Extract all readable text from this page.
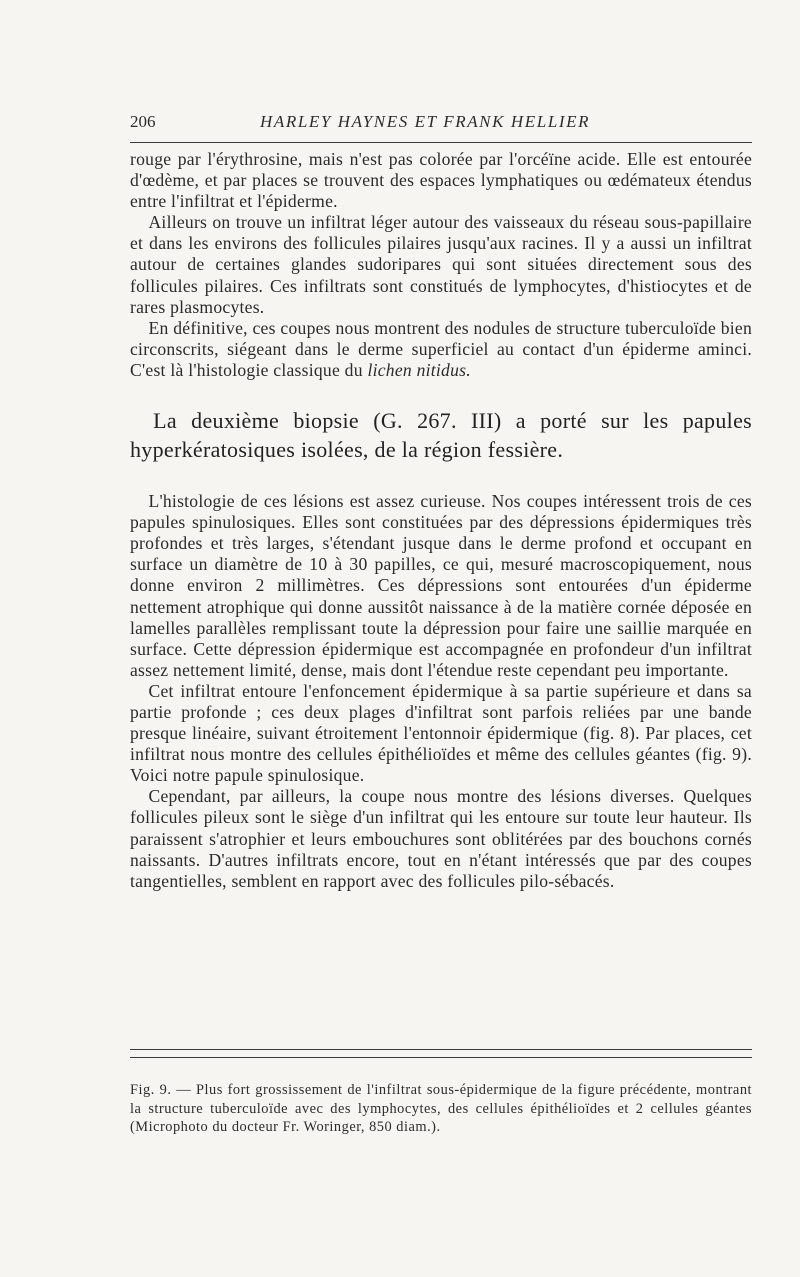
206	HARLEY HAYNES ET FRANK HELLIER

rouge par l'érythrosine, mais n'est pas colorée par l'orcéïne acide. Elle est entourée d'œdème, et par places se trouvent des espaces lymphatiques ou œdémateux étendus entre l'infiltrat et l'épiderme.

Ailleurs on trouve un infiltrat léger autour des vaisseaux du réseau sous-papillaire et dans les environs des follicules pilaires jusqu'aux racines. Il y a aussi un infiltrat autour de certaines glandes sudoripares qui sont situées directement sous des follicules pilaires. Ces infiltrats sont constitués de lymphocytes, d'histiocytes et de rares plasmocytes.

En définitive, ces coupes nous montrent des nodules de structure tuberculoïde bien circonscrits, siégeant dans le derme superficiel au contact d'un épiderme aminci. C'est là l'histologie classique du lichen nitidus.

La deuxième biopsie (G. 267. III) a porté sur les papules hyperkératosiques isolées, de la région fessière.

L'histologie de ces lésions est assez curieuse. Nos coupes intéressent trois de ces papules spinulosiques. Elles sont constituées par des dépressions épidermiques très profondes et très larges, s'étendant jusque dans le derme profond et occupant en surface un diamètre de 10 à 30 papilles, ce qui, mesuré macroscopiquement, nous donne environ 2 millimètres. Ces dépressions sont entourées d'un épiderme nettement atrophique qui donne aussitôt naissance à de la matière cornée déposée en lamelles parallèles remplissant toute la dépression pour faire une saillie marquée en surface. Cette dépression épidermique est accompagnée en profondeur d'un infiltrat assez nettement limité, dense, mais dont l'étendue reste cependant peu importante.

Cet infiltrat entoure l'enfoncement épidermique à sa partie supérieure et dans sa partie profonde ; ces deux plages d'infiltrat sont parfois reliées par une bande presque linéaire, suivant étroitement l'entonnoir épidermique (fig. 8). Par places, cet infiltrat nous montre des cellules épithélioïdes et même des cellules géantes (fig. 9). Voici notre papule spinulosique.

Cependant, par ailleurs, la coupe nous montre des lésions diverses. Quelques follicules pileux sont le siège d'un infiltrat qui les entoure sur toute leur hauteur. Ils paraissent s'atrophier et leurs embouchures sont oblitérées par des bouchons cornés naissants. D'autres infiltrats encore, tout en n'étant intéressés que par des coupes tangentielles, semblent en rapport avec des follicules pilo-sébacés.

Fig. 9. — Plus fort grossissement de l'infiltrat sous-épidermique de la figure précédente, montrant la structure tuberculoïde avec des lymphocytes, des cellules épithélioïdes et 2 cellules géantes (Microphoto du docteur Fr. Woringer, 850 diam.).
